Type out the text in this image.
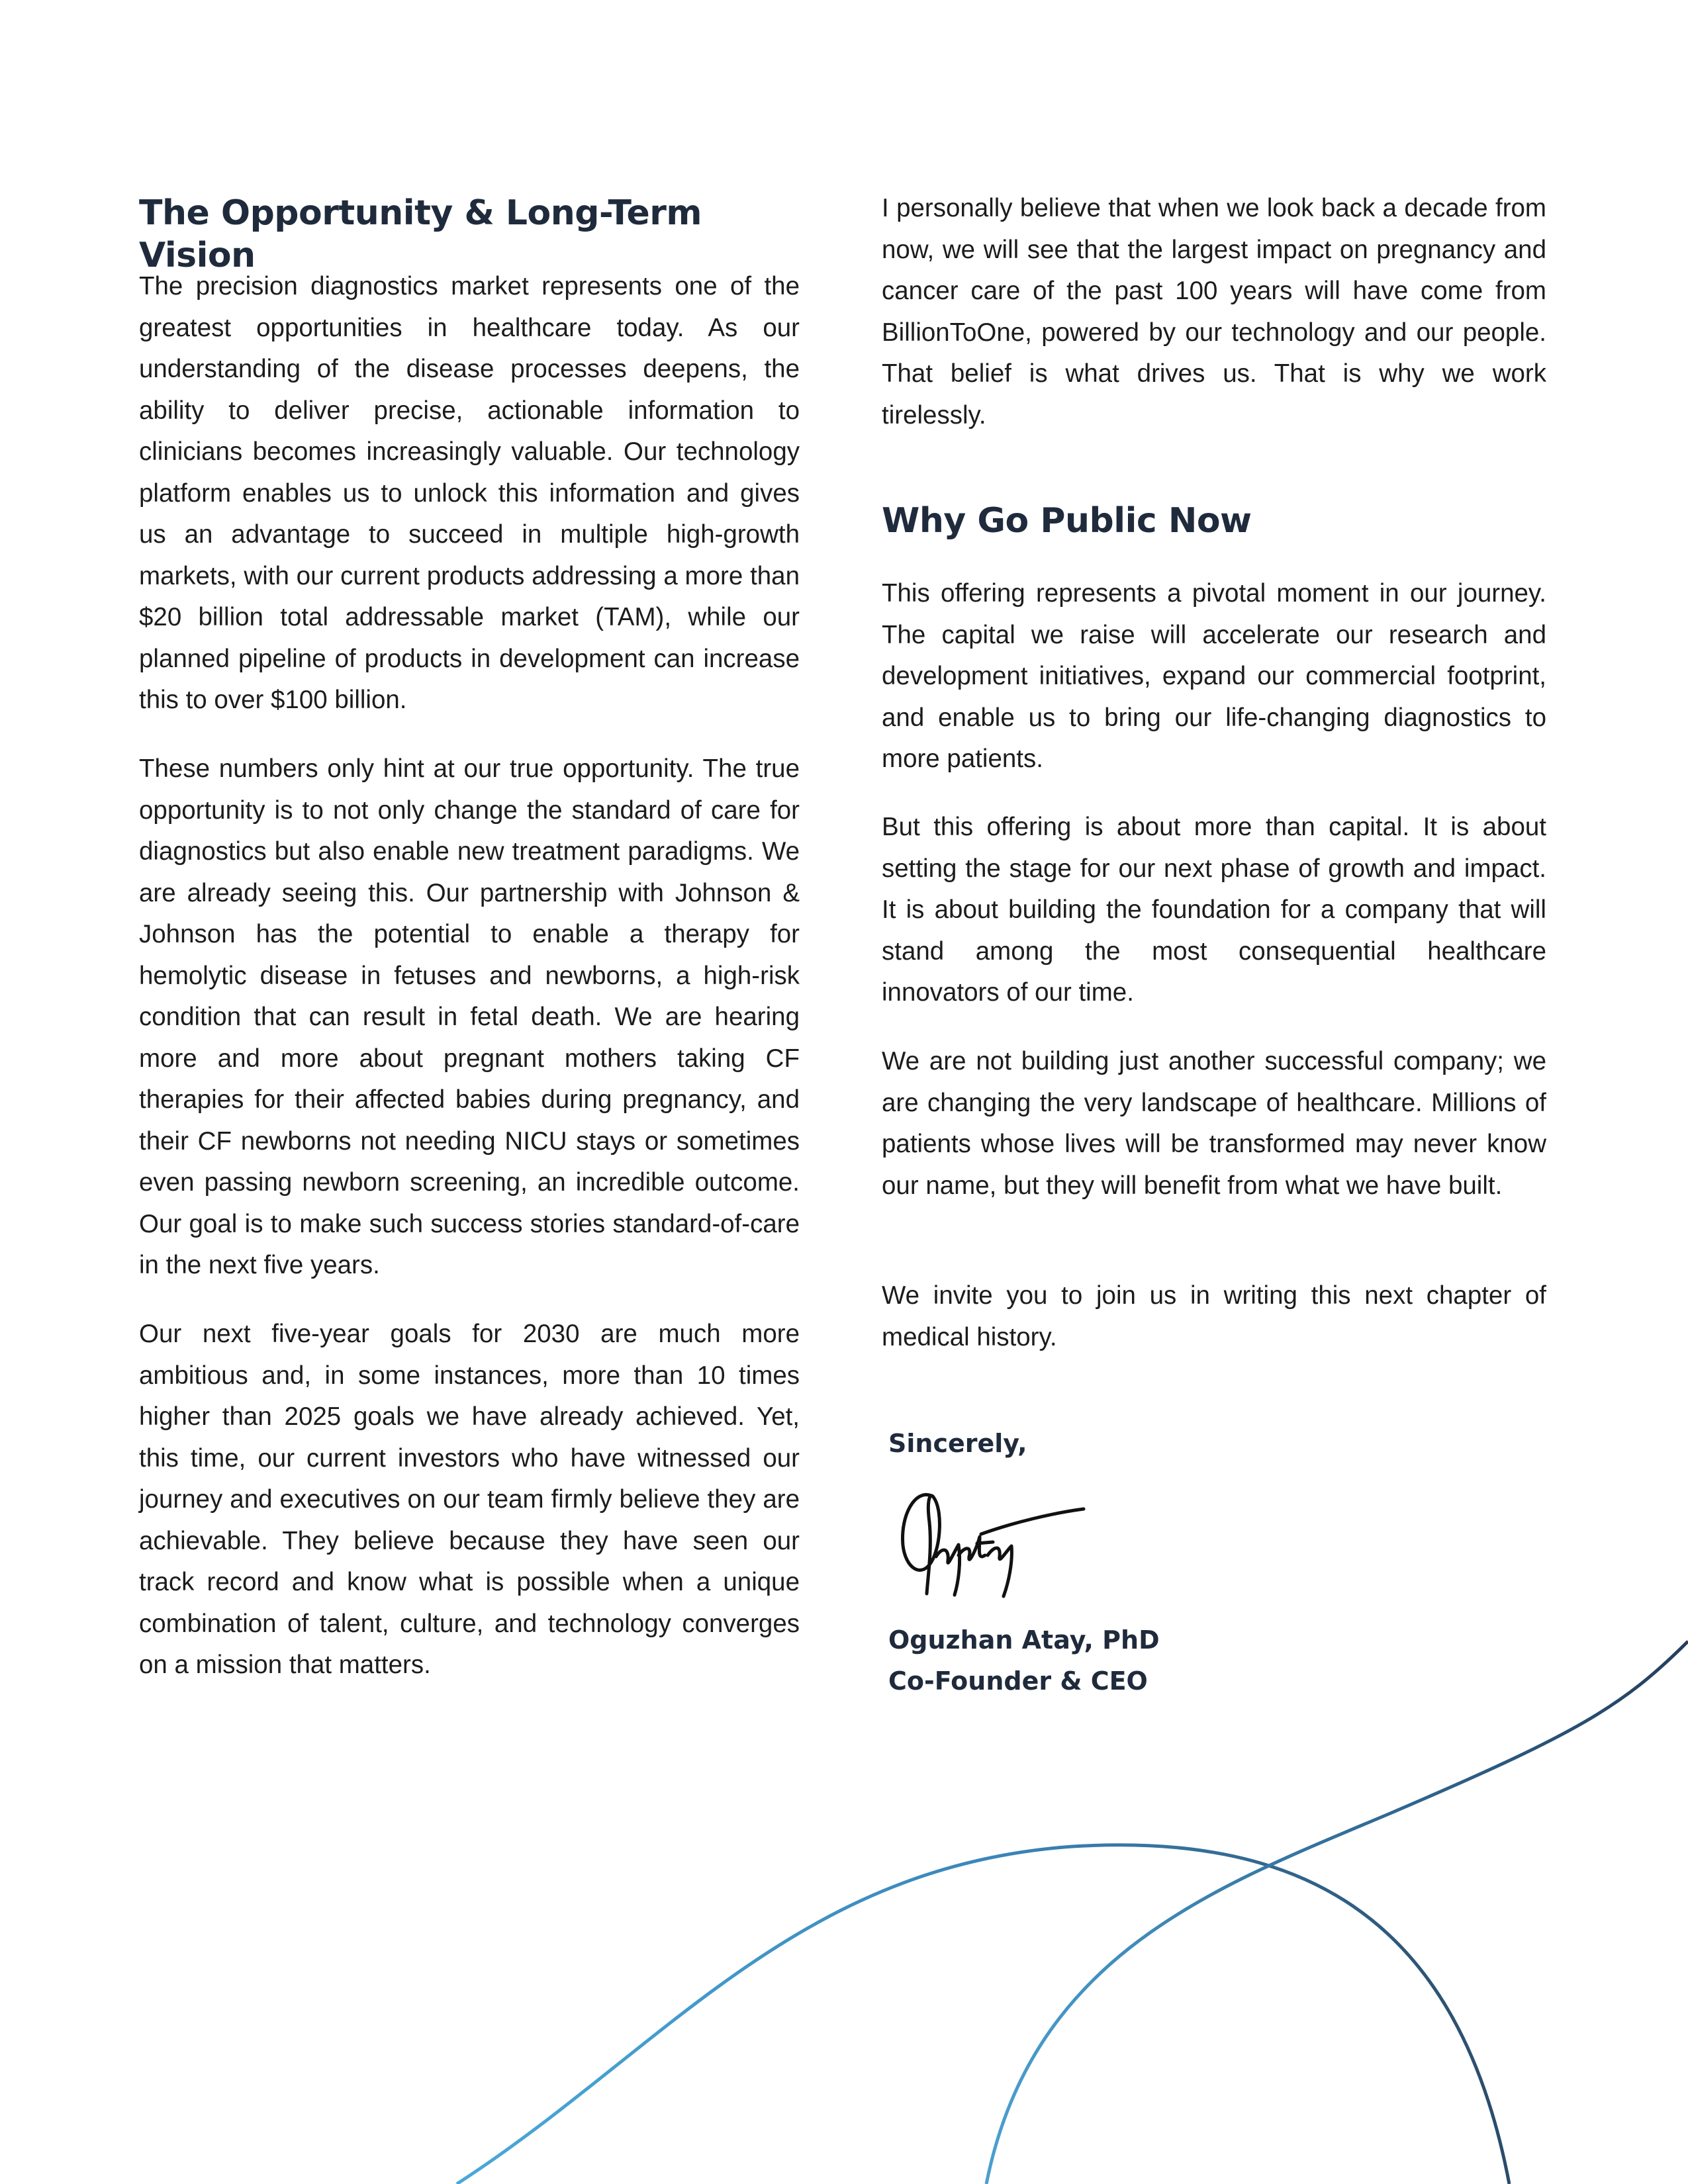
The Opportunity & Long-Term Vision

The precision diagnostics market represents one of the greatest opportunities in healthcare today. As our understanding of the disease processes deepens, the ability to deliver precise, actionable information to clinicians becomes increasingly valuable. Our technology platform enables us to unlock this information and gives us an advantage to succeed in multiple high-growth markets, with our current products addressing a more than $20 billion total addressable market (TAM), while our planned pipeline of products in development can increase this to over $100 billion.

These numbers only hint at our true opportunity. The true opportunity is to not only change the standard of care for diagnostics but also enable new treatment paradigms. We are already seeing this. Our partnership with Johnson & Johnson has the potential to enable a therapy for hemolytic disease in fetuses and newborns, a high-risk condition that can result in fetal death. We are hearing more and more about pregnant mothers taking CF therapies for their affected babies during pregnancy, and their CF newborns not needing NICU stays or sometimes even passing newborn screening, an incredible outcome. Our goal is to make such success stories standard-of-care in the next five years.

Our next five-year goals for 2030 are much more ambitious and, in some instances, more than 10 times higher than 2025 goals we have already achieved. Yet, this time, our current investors who have witnessed our journey and executives on our team firmly believe they are achievable. They believe because they have seen our track record and know what is possible when a unique combination of talent, culture, and technology converges on a mission that matters.

I personally believe that when we look back a decade from now, we will see that the largest impact on pregnancy and cancer care of the past 100 years will have come from BillionToOne, powered by our technology and our people. That belief is what drives us. That is why we work tirelessly.

Why Go Public Now

This offering represents a pivotal moment in our journey. The capital we raise will accelerate our research and development initiatives, expand our commercial footprint, and enable us to bring our life-changing diagnostics to more patients.

But this offering is about more than capital. It is about setting the stage for our next phase of growth and impact. It is about building the foundation for a company that will stand among the most consequential healthcare innovators of our time.

We are not building just another successful company; we are changing the very landscape of healthcare. Millions of patients whose lives will be transformed may never know our name, but they will benefit from what we have built.

We invite you to join us in writing this next chapter of medical history.

Sincerely,
Oguzhan Atay, PhD
Co-Founder & CEO
